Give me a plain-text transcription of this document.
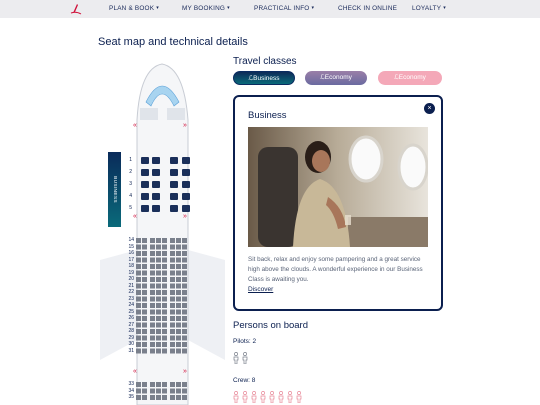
PLAN & BOOK ▾	MY BOOKING ▾	PRACTICAL INFO ▾	CHECK IN ONLINE LOYALTY ▾
Seat map and technical details
BUSINESS
«	»
«	»
«	»
1
2
3
4
5
14
15
16
17
18
19
20
21
22
23
24
25
26
27
28
29
30
31
33
34
35
Travel classes
ℒBusiness	ℒEconomy	ℒEconomy
Business
×
Sit back, relax and enjoy some pampering and a great service high above the clouds. A wonderful experience in our Business Class is awaiting you.
Discover
Persons on board
Pilots: 2
Crew: 8
